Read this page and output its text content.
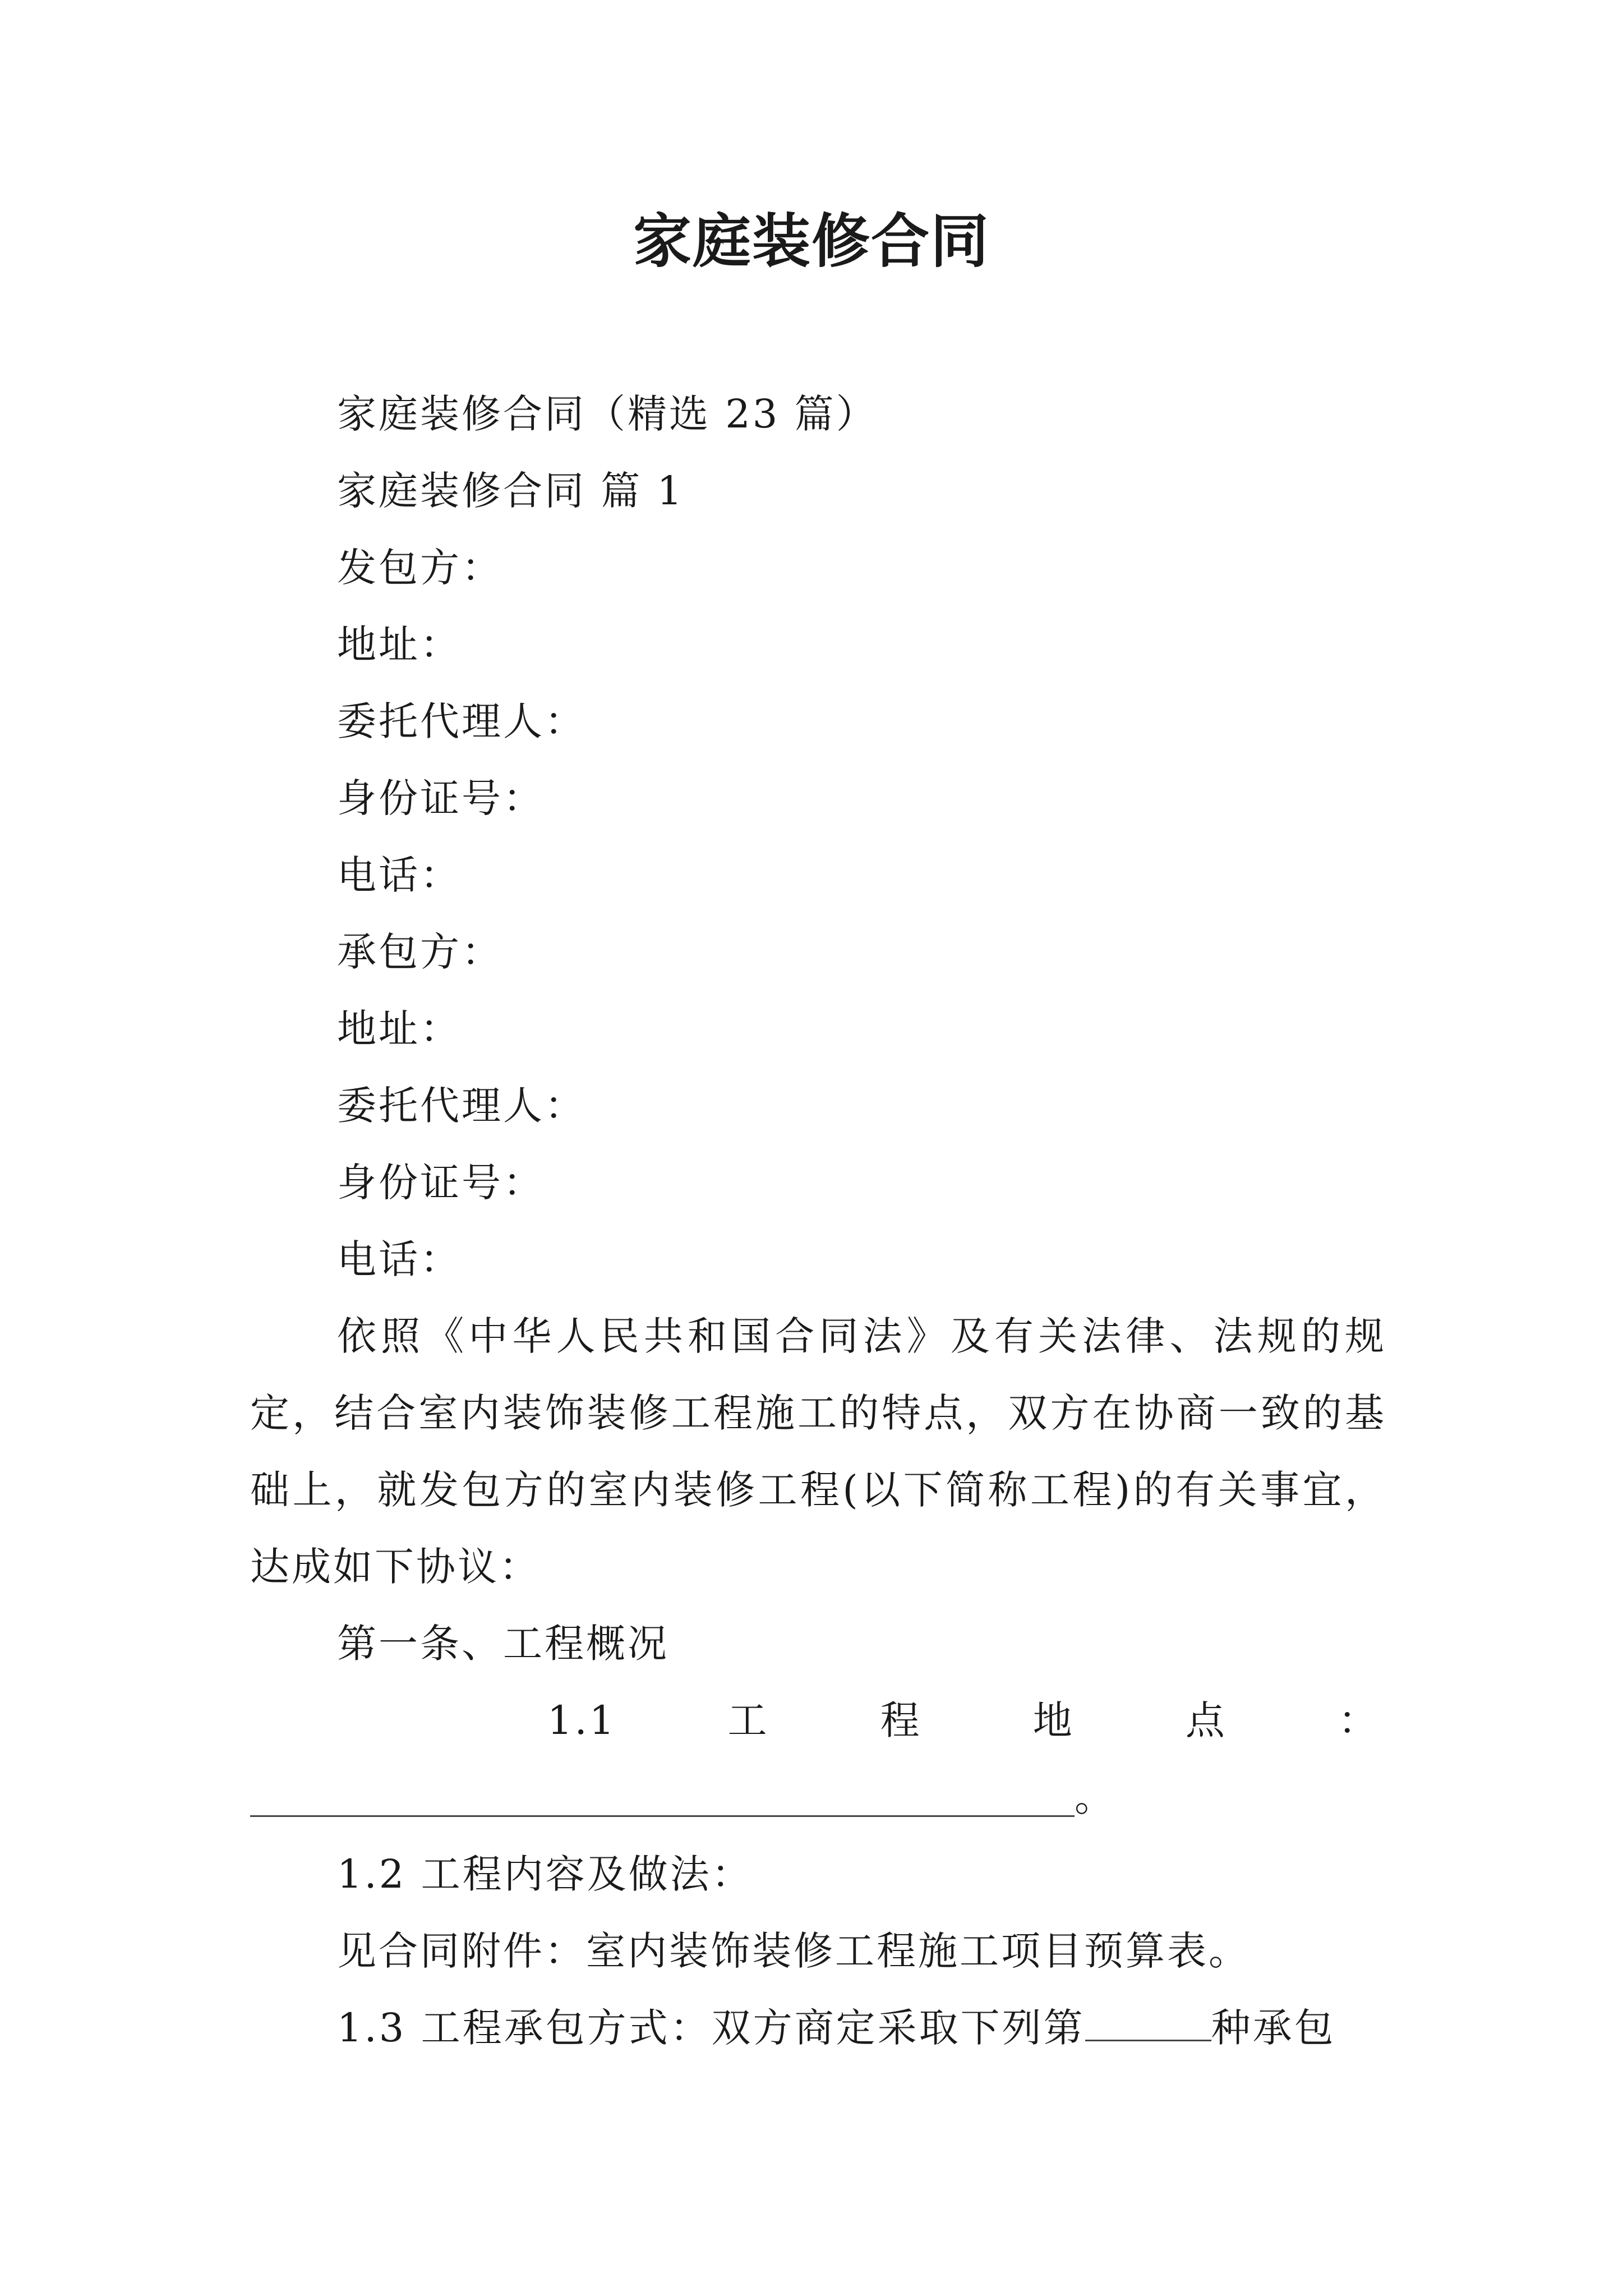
家庭装修合同

家庭装修合同（精选 23 篇）

家庭装修合同 篇 1

发包方：

地址：

委托代理人：

身份证号：

电话：

承包方：

地址：

委托代理人：

身份证号：

电话：

依照《中华人民共和国合同法》及有关法律、法规的规定，结合室内装饰装修工程施工的特点，双方在协商一致的基础上，就发包方的室内装修工程(以下简称工程)的有关事宜，达成如下协议：

第一条、工程概况

1.1	工	程	地	点	：

。

1.2 工程内容及做法：

见合同附件：室内装饰装修工程施工项目预算表。

1.3 工程承包方式：双方商定采取下列第	种承包
